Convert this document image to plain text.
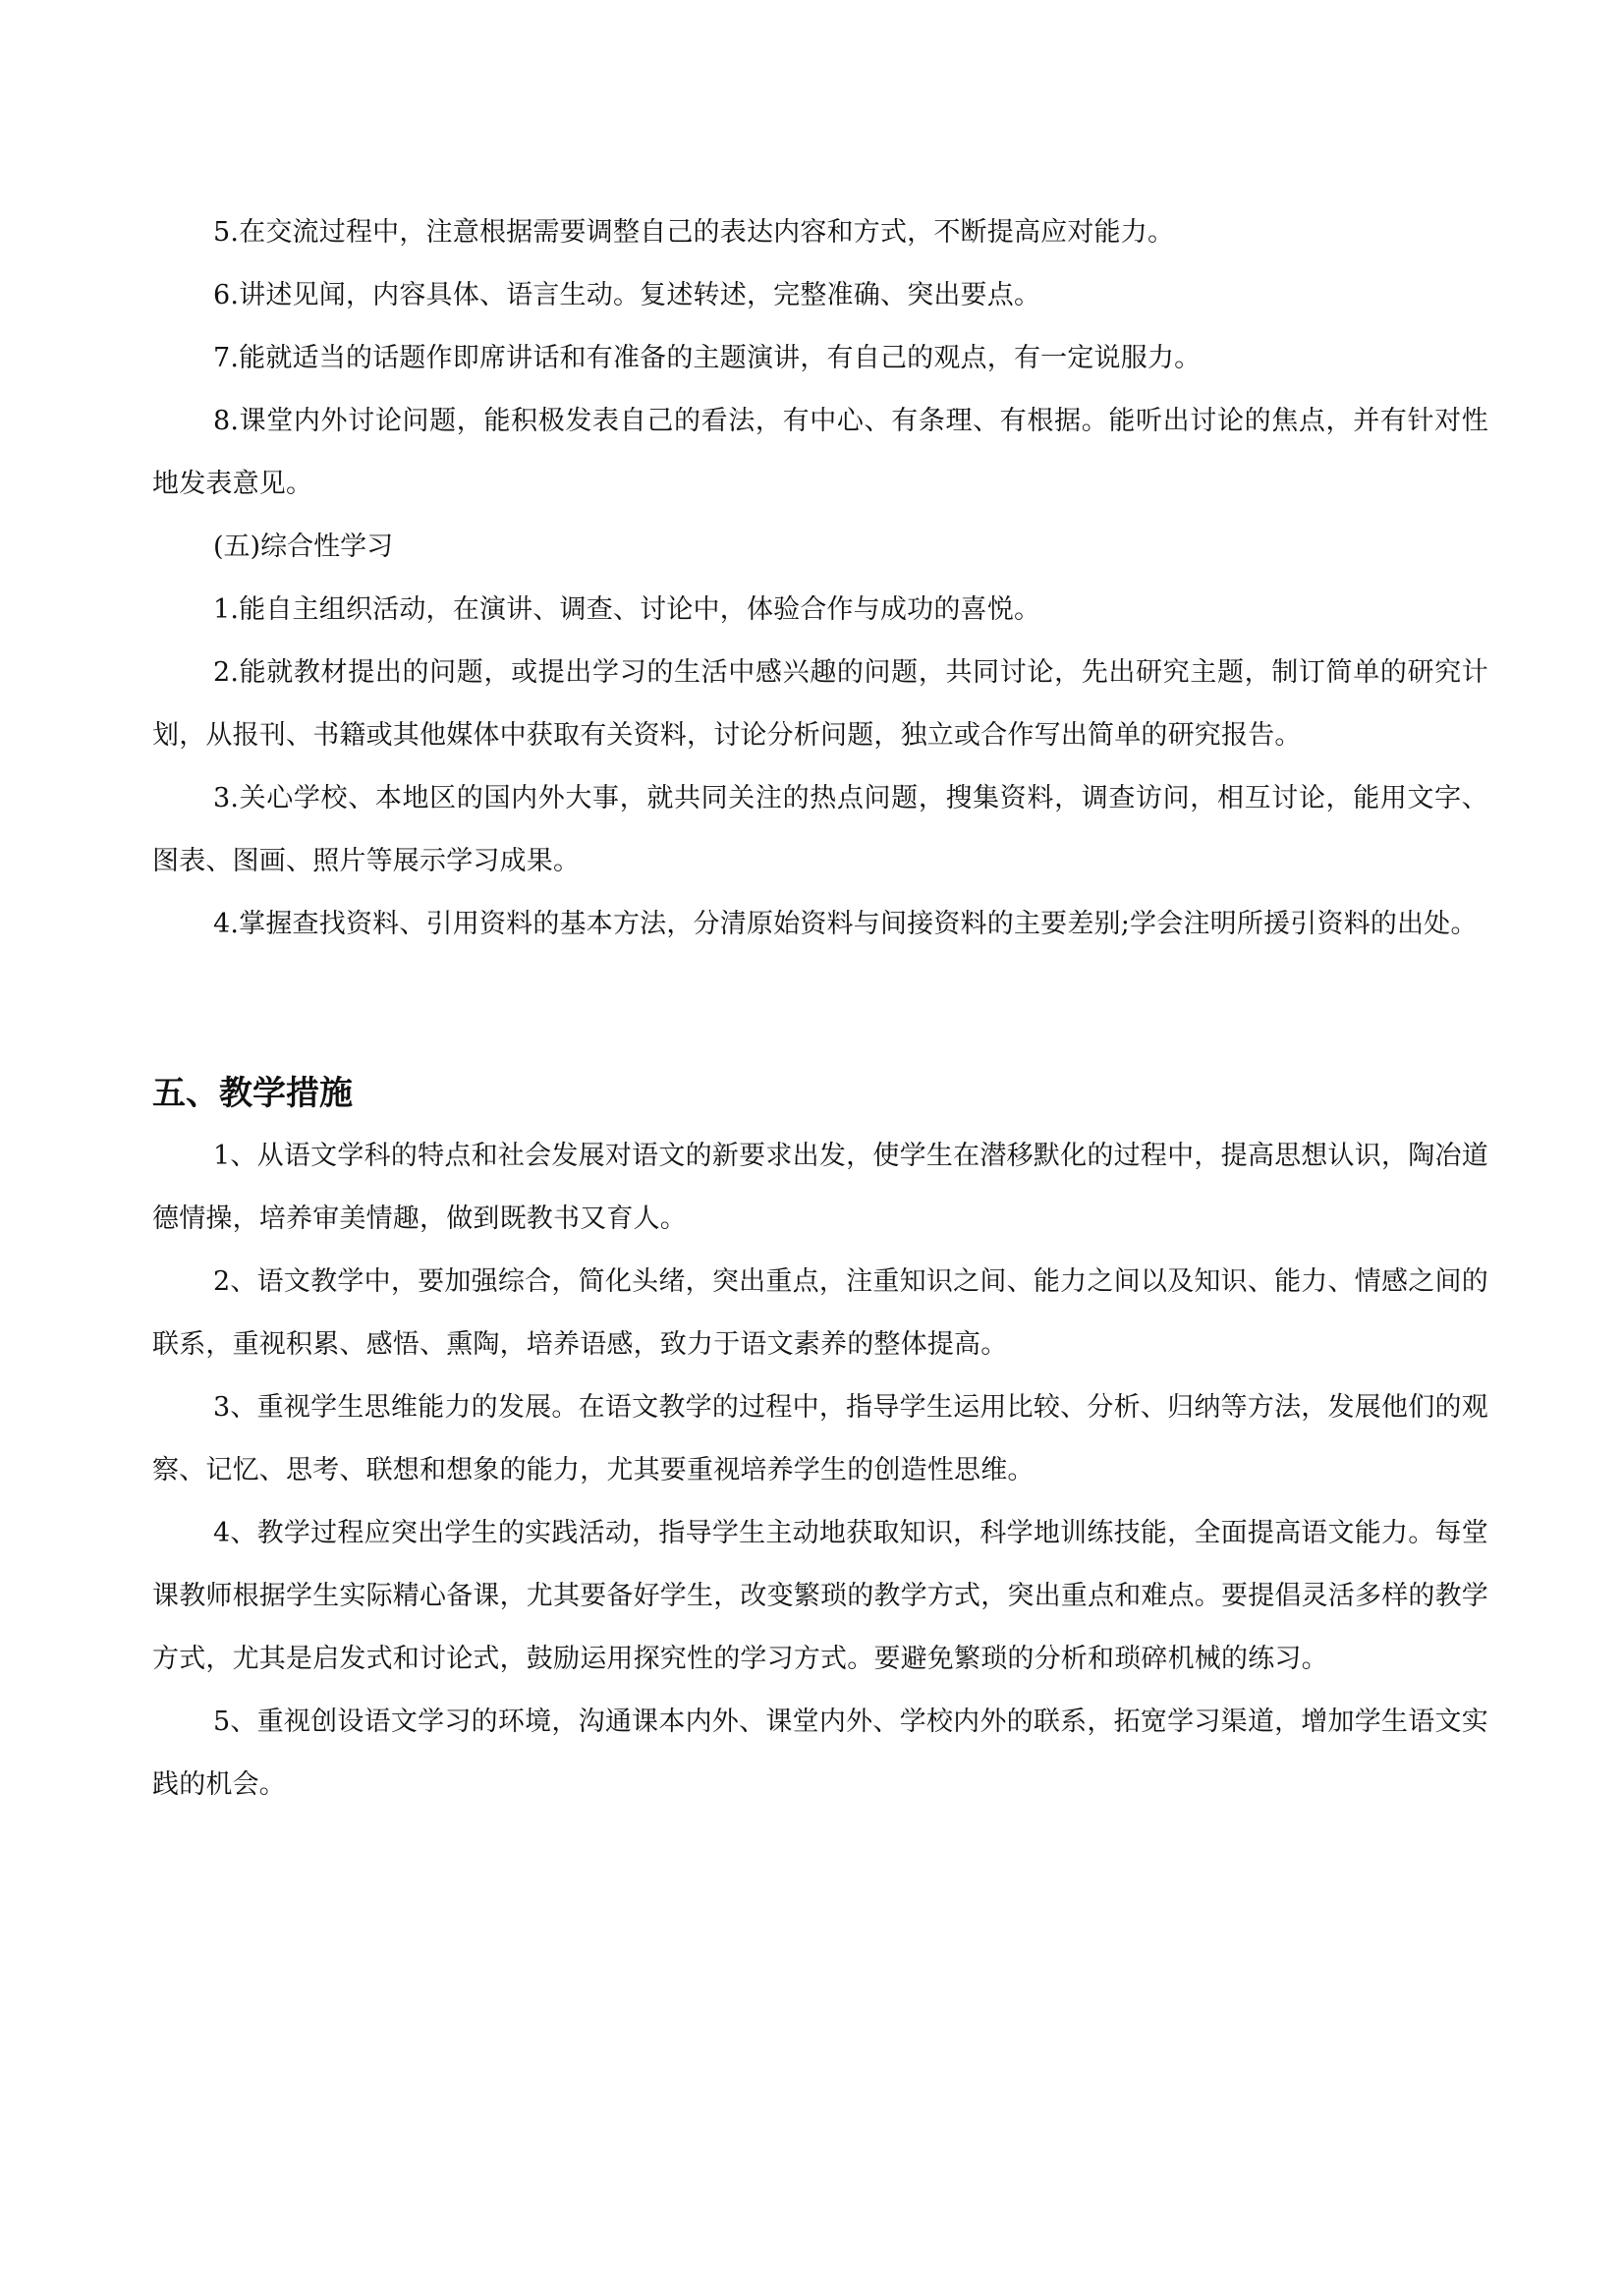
5.在交流过程中，注意根据需要调整自己的表达内容和方式，不断提高应对能力。

6.讲述见闻，内容具体、语言生动。复述转述，完整准确、突出要点。

7.能就适当的话题作即席讲话和有准备的主题演讲，有自己的观点，有一定说服力。

8.课堂内外讨论问题，能积极发表自己的看法，有中心、有条理、有根据。能听出讨论的焦点，并有针对性地发表意见。

(五)综合性学习

1.能自主组织活动，在演讲、调查、讨论中，体验合作与成功的喜悦。

2.能就教材提出的问题，或提出学习的生活中感兴趣的问题，共同讨论，先出研究主题，制订简单的研究计划，从报刊、书籍或其他媒体中获取有关资料，讨论分析问题，独立或合作写出简单的研究报告。

3.关心学校、本地区的国内外大事，就共同关注的热点问题，搜集资料，调查访问，相互讨论，能用文字、图表、图画、照片等展示学习成果。

4.掌握查找资料、引用资料的基本方法，分清原始资料与间接资料的主要差别;学会注明所援引资料的出处。

五、教学措施

1、从语文学科的特点和社会发展对语文的新要求出发，使学生在潜移默化的过程中，提高思想认识，陶冶道德情操，培养审美情趣，做到既教书又育人。

2、语文教学中，要加强综合，简化头绪，突出重点，注重知识之间、能力之间以及知识、能力、情感之间的联系，重视积累、感悟、熏陶，培养语感，致力于语文素养的整体提高。

3、重视学生思维能力的发展。在语文教学的过程中，指导学生运用比较、分析、归纳等方法，发展他们的观察、记忆、思考、联想和想象的能力，尤其要重视培养学生的创造性思维。

4、教学过程应突出学生的实践活动，指导学生主动地获取知识，科学地训练技能，全面提高语文能力。每堂课教师根据学生实际精心备课，尤其要备好学生，改变繁琐的教学方式，突出重点和难点。要提倡灵活多样的教学方式，尤其是启发式和讨论式，鼓励运用探究性的学习方式。要避免繁琐的分析和琐碎机械的练习。

5、重视创设语文学习的环境，沟通课本内外、课堂内外、学校内外的联系，拓宽学习渠道，增加学生语文实践的机会。
